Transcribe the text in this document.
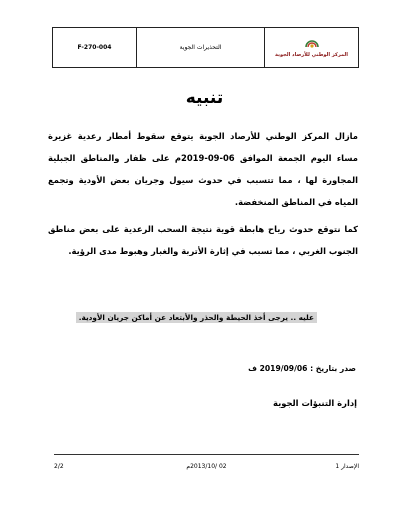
F-270-004	التحذيرات الجوية
المركز الوطني للأرصاد الجوية
تنبيه
مازال المركز الوطني للأرصاد الجوية يتوقع سقوط أمطار رعدية غزيرة مساء اليوم الجمعة الموافق 06-09-2019م على ظفار والمناطق الجبلية المجاورة لها ، مما تتسبب في حدوث سيول وجريان بعض الأودية وتجمع المياه في المناطق المنخفضة.
كما نتوقع حدوث رياح هابطة قوية نتيجة السحب الرعدية على بعض مناطق الجنوب الغربي ، مما تسبب في إثارة الأتربة والغبار وهبوط مدى الرؤية.
عليه .. يرجى أخذ الحيطة والحذر والأبتعاد عن أماكن جريان الأودية.
صدر بتاريخ : 2019/09/06 ف
إدارة التنبؤات الجوية
2/2	02 /2013/10م	الإصدار 1
